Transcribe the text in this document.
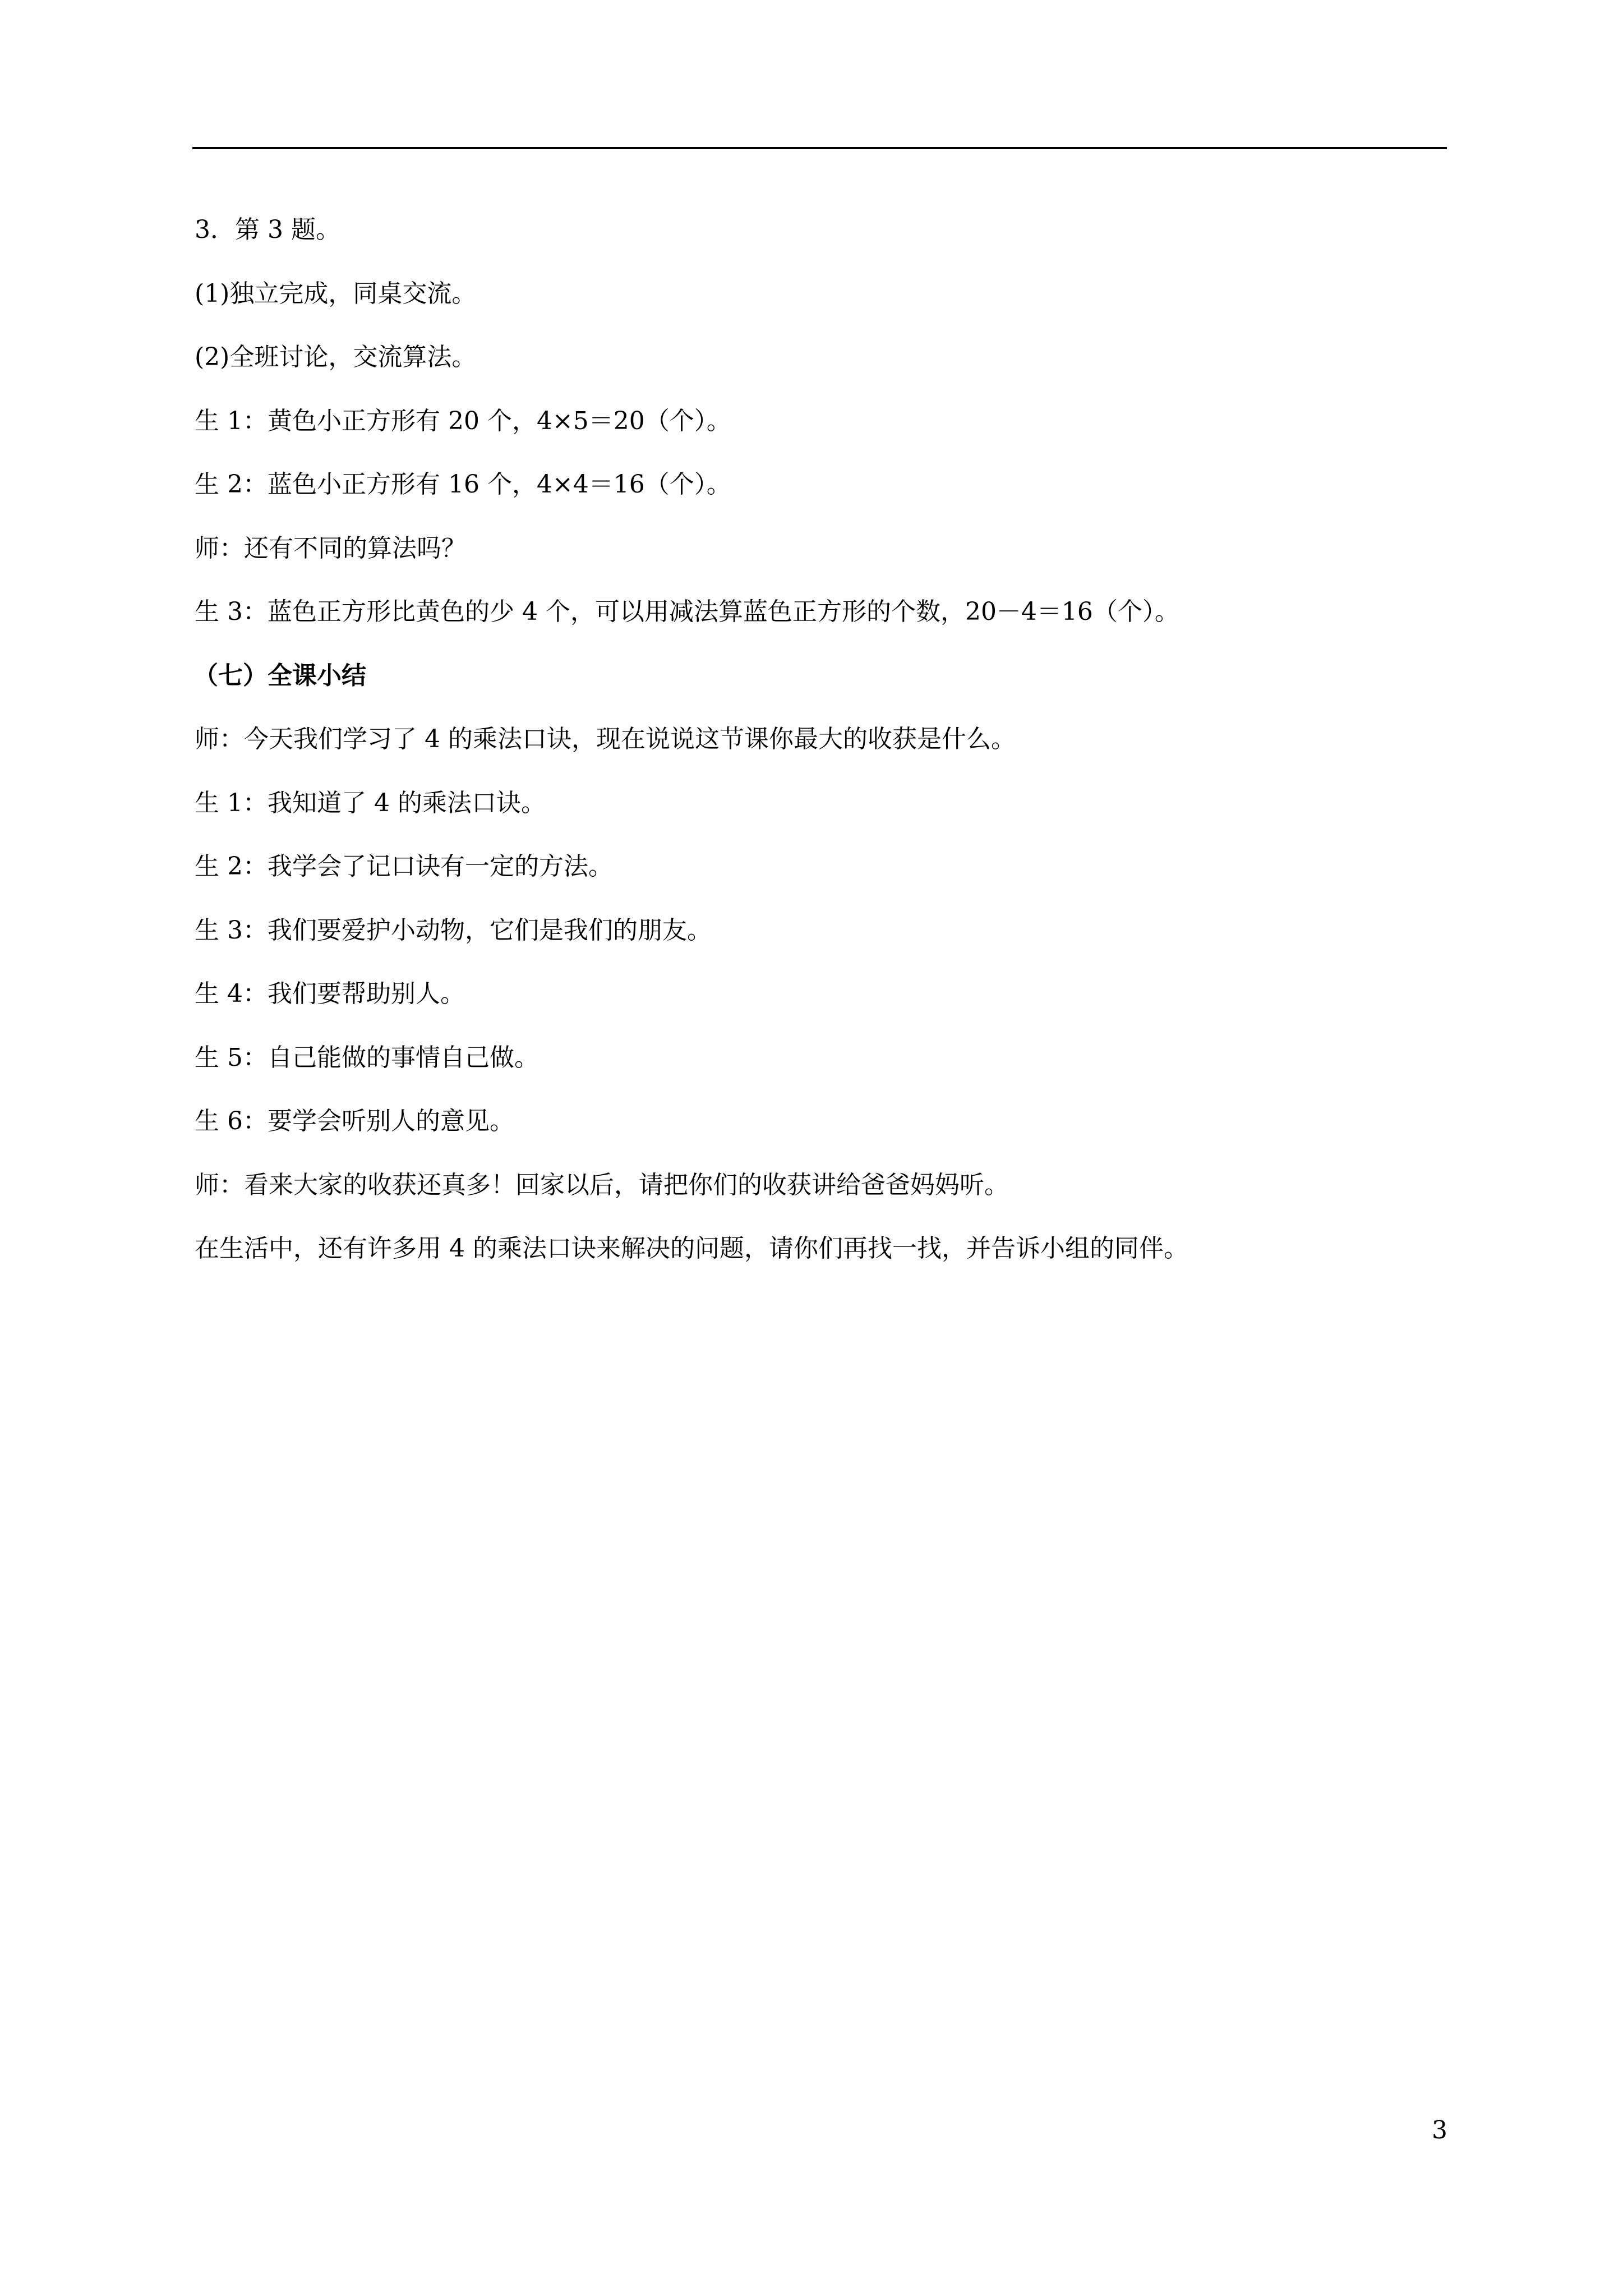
3．第 3 题。
(1)独立完成，同桌交流。
(2)全班讨论，交流算法。
生 1：黄色小正方形有 20 个，4×5＝20（个）。
生 2：蓝色小正方形有 16 个，4×4＝16（个）。
师：还有不同的算法吗？
生 3：蓝色正方形比黄色的少 4 个，可以用减法算蓝色正方形的个数，20－4＝16（个）。
（七）全课小结
师：今天我们学习了 4 的乘法口诀，现在说说这节课你最大的收获是什么。
生 1：我知道了 4 的乘法口诀。
生 2：我学会了记口诀有一定的方法。
生 3：我们要爱护小动物，它们是我们的朋友。
生 4：我们要帮助别人。
生 5：自己能做的事情自己做。
生 6：要学会听别人的意见。
师：看来大家的收获还真多！回家以后，请把你们的收获讲给爸爸妈妈听。
在生活中，还有许多用 4 的乘法口诀来解决的问题，请你们再找一找，并告诉小组的同伴。
3
